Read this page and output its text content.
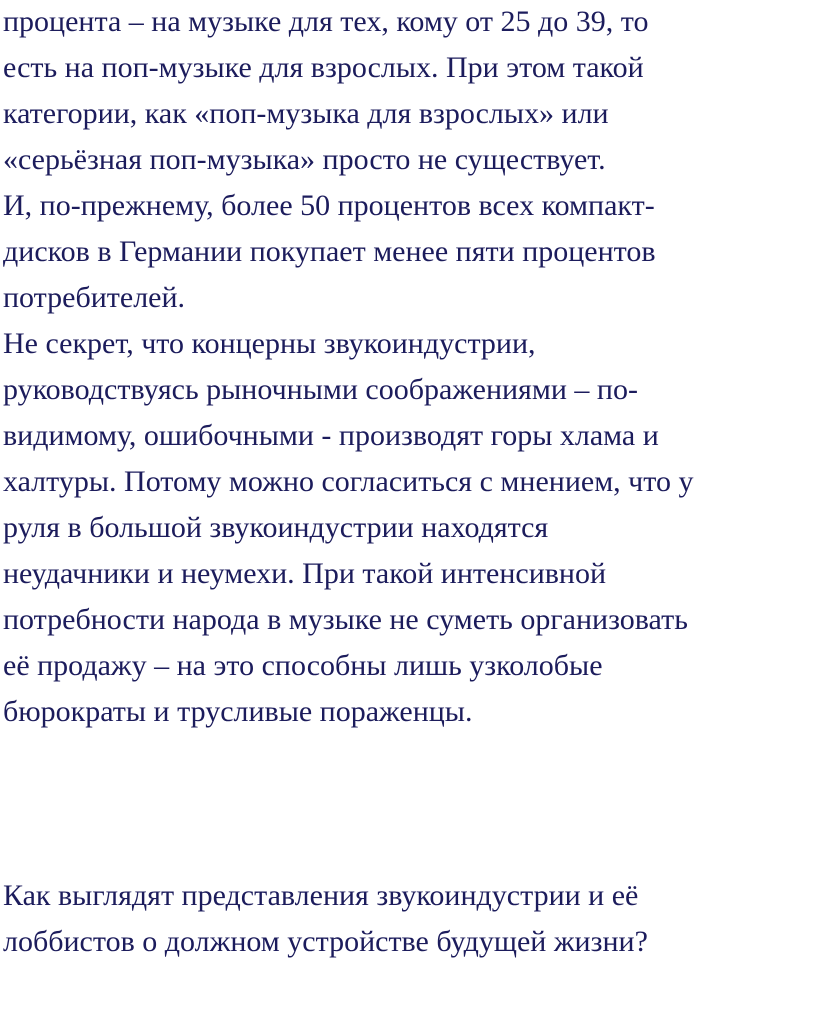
процента – на музыке для тех, кому от 25 до 39, то
есть на поп-музыке для взрослых. При этом такой
категории, как «поп-музыка для взрослых» или
«серьёзная поп-музыка» просто не существует.
И, по-прежнему, более 50 процентов всех компакт-
дисков в Германии покупает менее пяти процентов
потребителей.
Не секрет, что концерны звукоиндустрии,
руководствуясь рыночными соображениями – по-
видимому, ошибочными - производят горы хлама и
халтуры. Потому можно согласиться с мнением, что у
руля в большой звукоиндустрии находятся
неудачники и неумехи. При такой интенсивной
потребности народа в музыке не суметь организовать
её продажу – на это способны лишь узколобые
бюрократы и трусливые пораженцы.
Как выглядят представления звукоиндустрии и её
лоббистов о должном устройстве будущей жизни?
